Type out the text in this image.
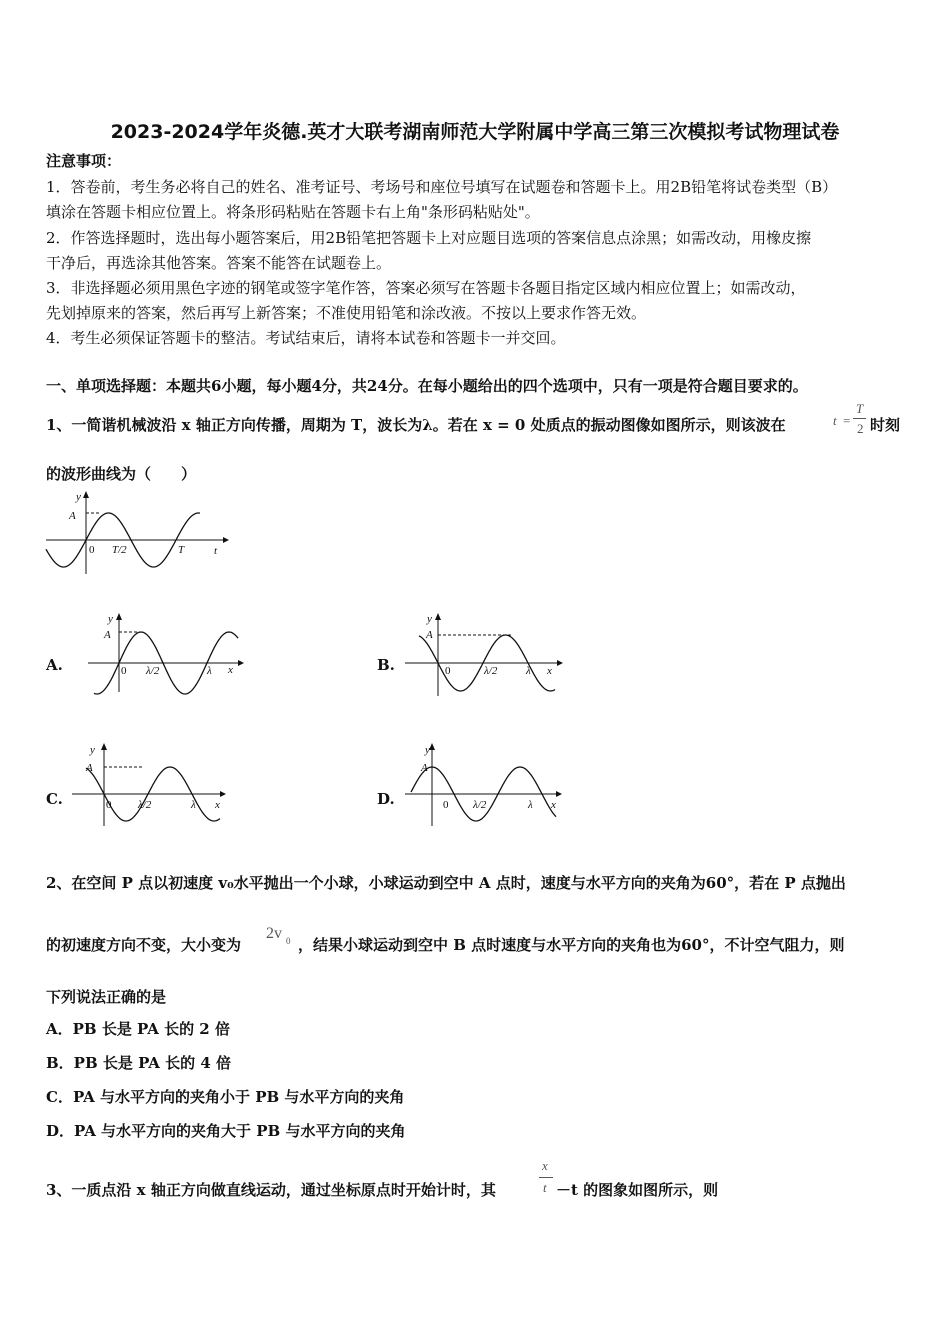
2023-2024学年炎德.英才大联考湖南师范大学附属中学高三第三次模拟考试物理试卷
注意事项：
1．答卷前，考生务必将自己的姓名、准考证号、考场号和座位号填写在试题卷和答题卡上。用2B铅笔将试卷类型（B）
填涂在答题卡相应位置上。将条形码粘贴在答题卡右上角"条形码粘贴处"。
2．作答选择题时，选出每小题答案后，用2B铅笔把答题卡上对应题目选项的答案信息点涂黑；如需改动，用橡皮擦
干净后，再选涂其他答案。答案不能答在试题卷上。
3．非选择题必须用黑色字迹的钢笔或签字笔作答，答案必须写在答题卡各题目指定区域内相应位置上；如需改动，
先划掉原来的答案，然后再写上新答案；不准使用铅笔和涂改液。不按以上要求作答无效。
4．考生必须保证答题卡的整洁。考试结束后，请将本试卷和答题卡一并交回。
一、单项选择题：本题共6小题，每小题4分，共24分。在每小题给出的四个选项中，只有一项是符合题目要求的。
1、一简谐机械波沿 x 轴正方向传播，周期为 T，波长为λ。若在 x = 0 处质点的振动图像如图所示，则该波在	t =
T
2 时刻
的波形曲线为（　　）
y
A
0 T/2	T	t
A.
y
A
0 λ/2	λ x	B.
y
A
0	λ/2	λ x
C.
y
A
0 λ/2	λ x	D.
y
A
0 λ/2	λ x
2、在空间 P 点以初速度 v₀水平抛出一个小球，小球运动到空中 A 点时，速度与水平方向的夹角为60°，若在 P 点抛出
的初速度方向不变，大小变为
2v 0 ，结果小球运动到空中 B 点时速度与水平方向的夹角也为60°，不计空气阻力，则
下列说法正确的是
A．PB 长是 PA 长的 2 倍
B．PB 长是 PA 长的 4 倍
C．PA 与水平方向的夹角小于 PB 与水平方向的夹角
D．PA 与水平方向的夹角大于 PB 与水平方向的夹角
3、一质点沿 x 轴正方向做直线运动，通过坐标原点时开始计时，其
x
t －t 的图象如图所示，则
